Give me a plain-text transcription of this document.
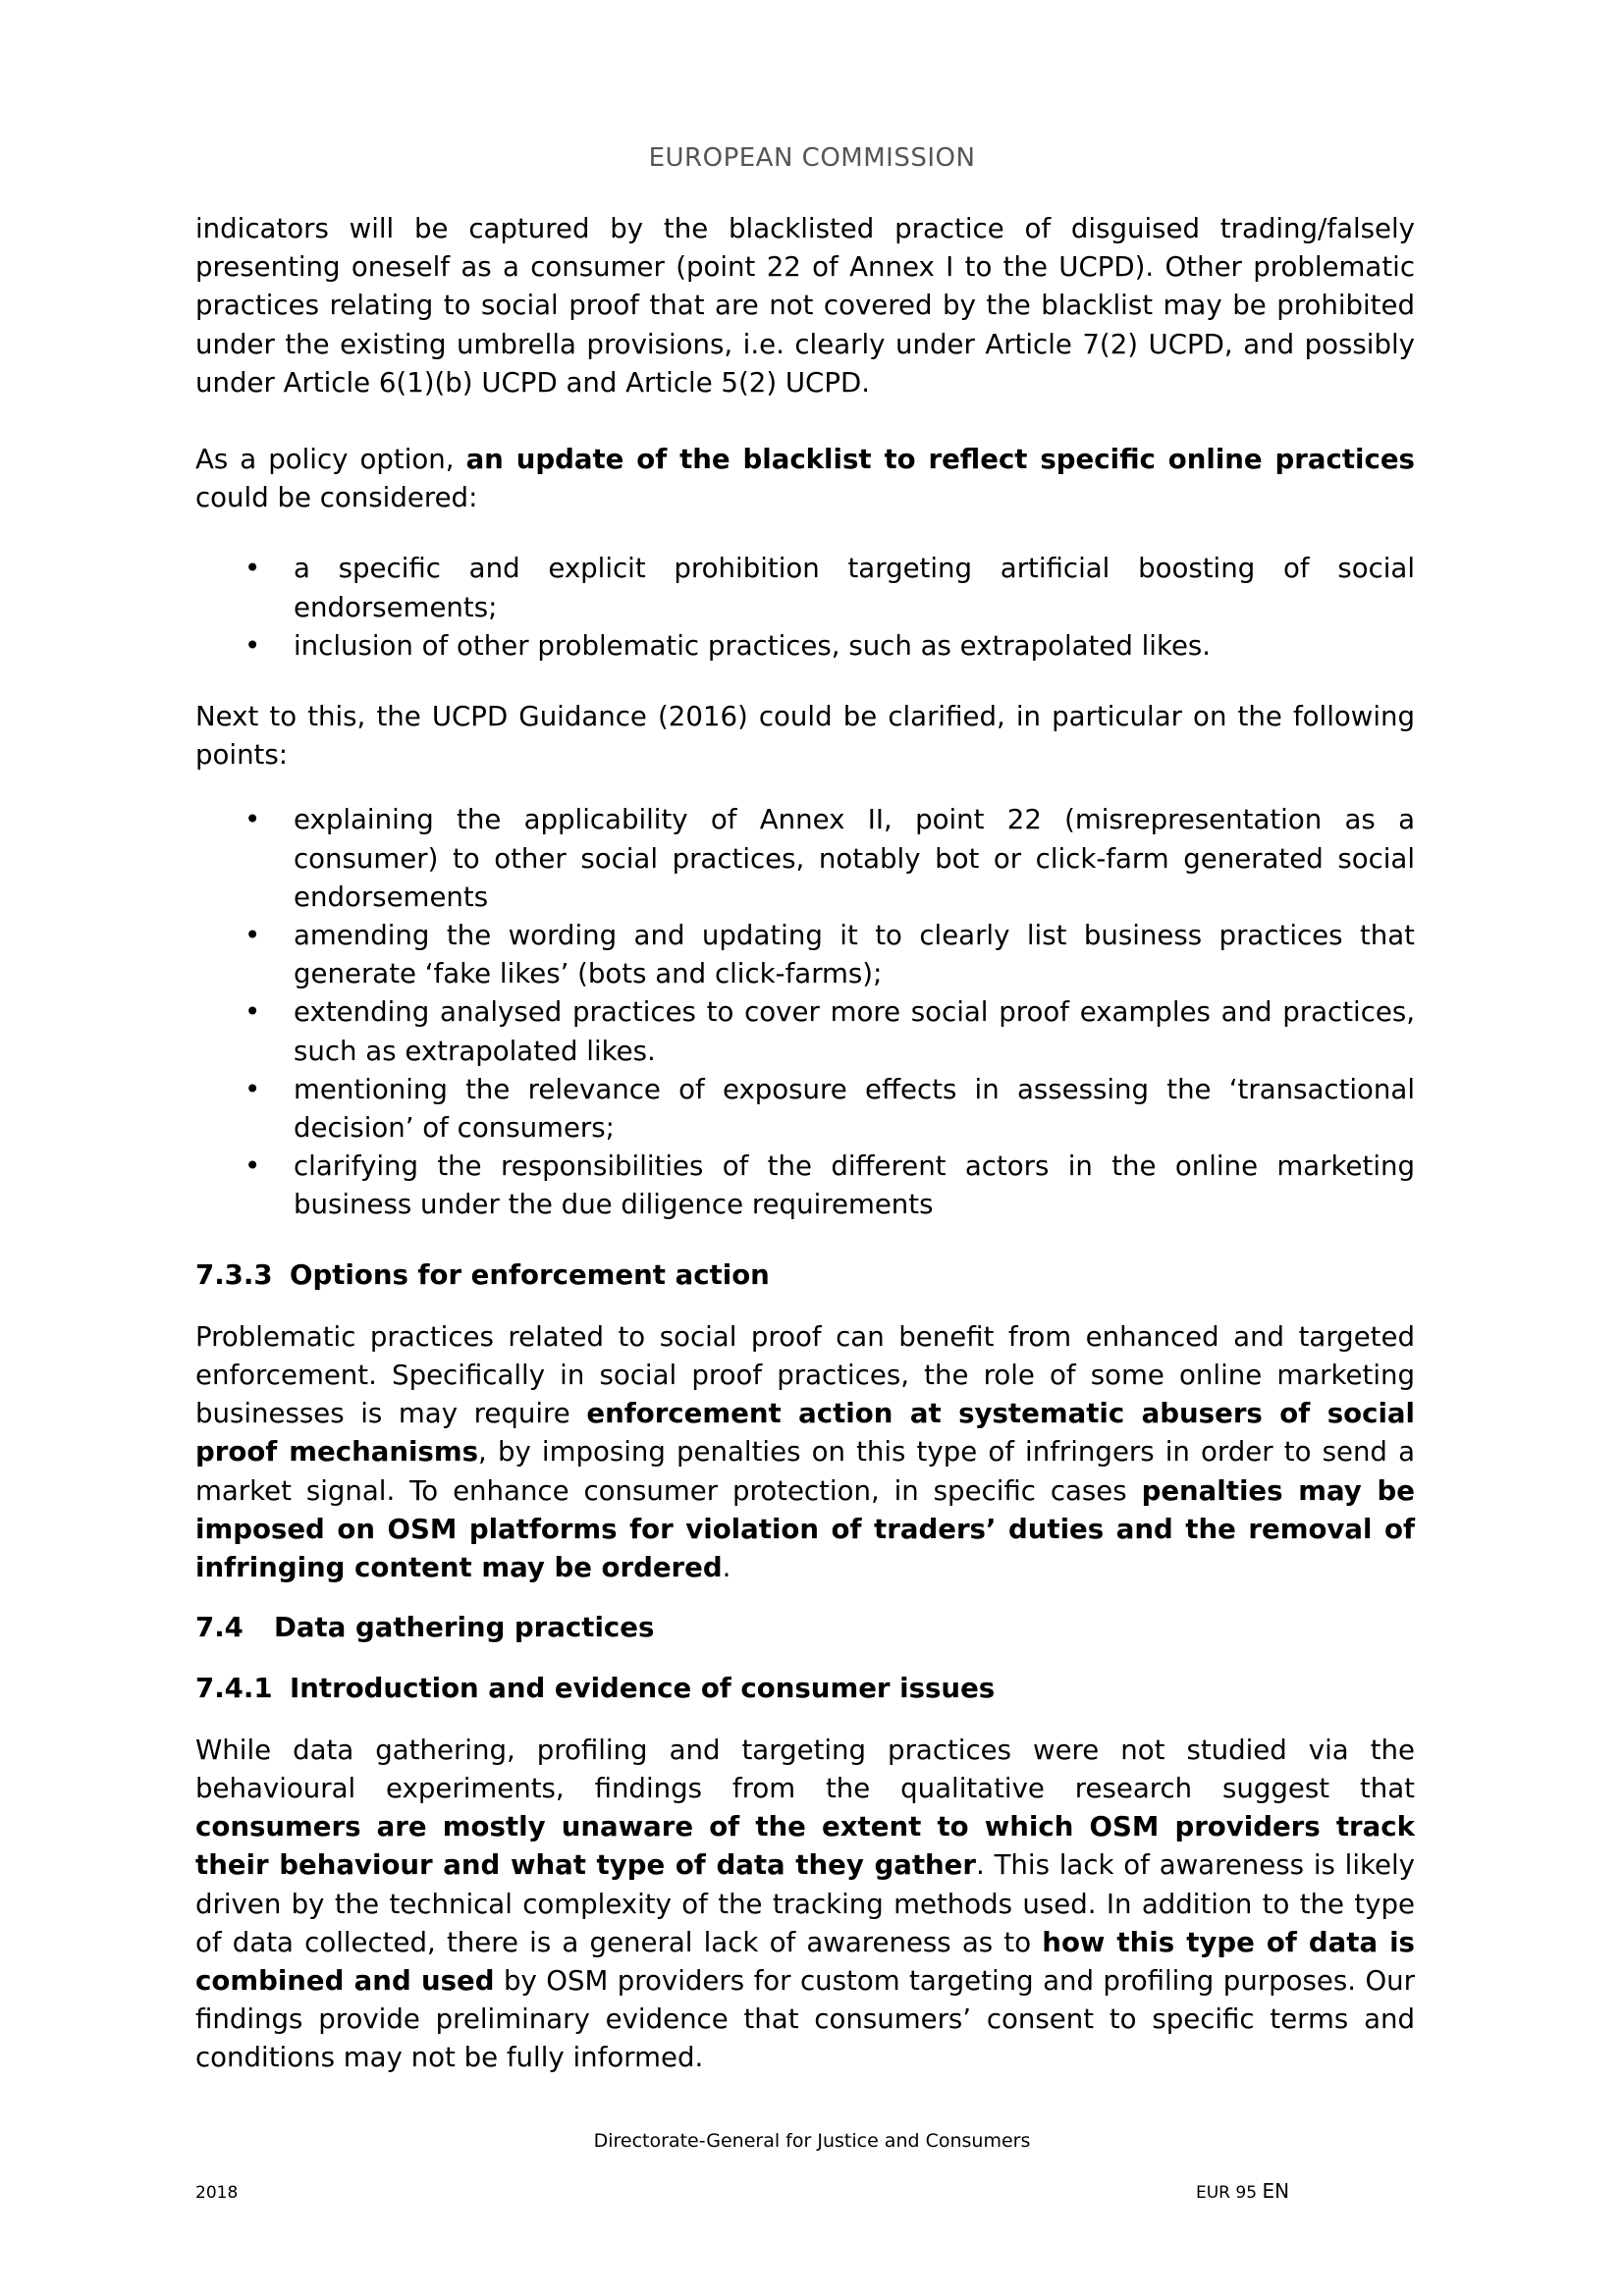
EUROPEAN COMMISSION

indicators will be captured by the blacklisted practice of disguised trading/falsely presenting oneself as a consumer (point 22 of Annex I to the UCPD). Other problematic practices relating to social proof that are not covered by the blacklist may be prohibited under the existing umbrella provisions, i.e. clearly under Article 7(2) UCPD, and possibly under Article 6(1)(b) UCPD and Article 5(2) UCPD.

As a policy option, an update of the blacklist to reflect specific online practices could be considered:

• a specific and explicit prohibition targeting artificial boosting of social endorsements;
• inclusion of other problematic practices, such as extrapolated likes.

Next to this, the UCPD Guidance (2016) could be clarified, in particular on the following points:

• explaining the applicability of Annex II, point 22 (misrepresentation as a consumer) to other social practices, notably bot or click-farm generated social endorsements
• amending the wording and updating it to clearly list business practices that generate ‘fake likes’ (bots and click-farms);
• extending analysed practices to cover more social proof examples and practices, such as extrapolated likes.
• mentioning the relevance of exposure effects in assessing the ‘transactional decision’ of consumers;
• clarifying the responsibilities of the different actors in the online marketing business under the due diligence requirements
7.3.3 Options for enforcement action

Problematic practices related to social proof can benefit from enhanced and targeted enforcement. Specifically in social proof practices, the role of some online marketing businesses is may require enforcement action at systematic abusers of social proof mechanisms, by imposing penalties on this type of infringers in order to send a market signal. To enhance consumer protection, in specific cases penalties may be imposed on OSM platforms for violation of traders’ duties and the removal of infringing content may be ordered.

7.4 Data gathering practices
7.4.1 Introduction and evidence of consumer issues

While data gathering, profiling and targeting practices were not studied via the behavioural experiments, findings from the qualitative research suggest that consumers are mostly unaware of the extent to which OSM providers track their behaviour and what type of data they gather. This lack of awareness is likely driven by the technical complexity of the tracking methods used. In addition to the type of data collected, there is a general lack of awareness as to how this type of data is combined and used by OSM providers for custom targeting and profiling purposes. Our findings provide preliminary evidence that consumers’ consent to specific terms and conditions may not be fully informed.

Directorate-General for Justice and Consumers
2018	EUR 95 EN
